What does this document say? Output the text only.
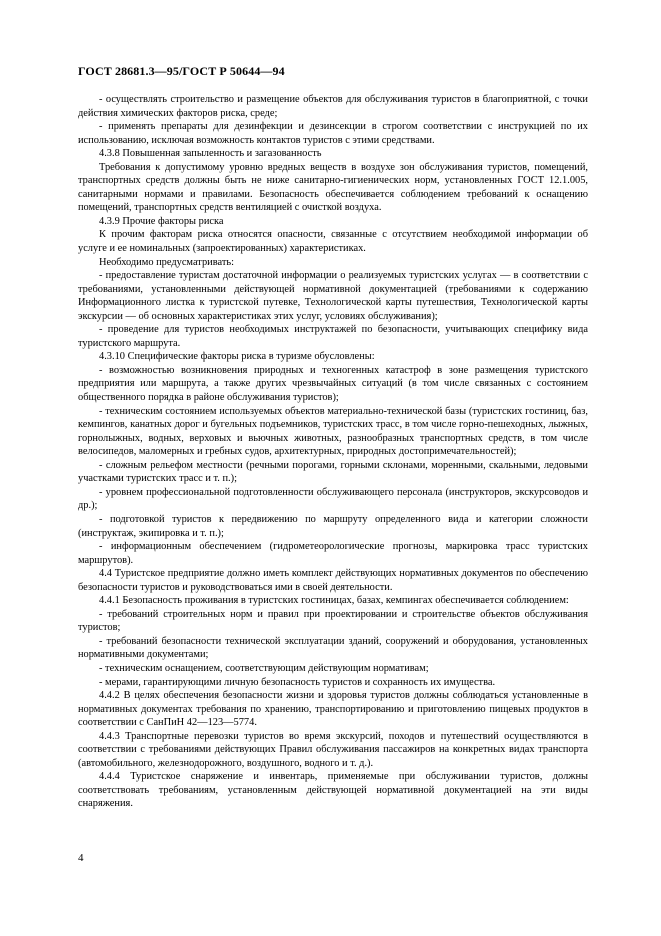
ГОСТ 28681.3—95/ГОСТ Р 50644—94

- осуществлять строительство и размещение объектов для обслуживания туристов в благоприятной, с точки действия химических факторов риска, среде;

- применять препараты для дезинфекции и дезинсекции в строгом соответствии с инструкцией по их использованию, исключая возможность контактов туристов с этими средствами.

4.3.8 Повышенная запыленность и загазованность

Требования к допустимому уровню вредных веществ в воздухе зон обслуживания туристов, помещений, транспортных средств должны быть не ниже санитарно-гигиенических норм, установленных ГОСТ 12.1.005, санитарными нормами и правилами. Безопасность обеспечивается соблюдением требований к оснащению помещений, транспортных средств вентиляцией с очисткой воздуха.

4.3.9 Прочие факторы риска

К прочим факторам риска относятся опасности, связанные с отсутствием необходимой информации об услуге и ее номинальных (запроектированных) характеристиках.

Необходимо предусматривать:

- предоставление туристам достаточной информации о реализуемых туристских услугах — в соответствии с требованиями, установленными действующей нормативной документацией (требованиями к содержанию Информационного листка к туристской путевке, Технологической карты путешествия, Технологической карты экскурсии — об основных характеристиках этих услуг, условиях обслуживания);

- проведение для туристов необходимых инструктажей по безопасности, учитывающих специфику вида туристского маршрута.

4.3.10 Специфические факторы риска в туризме обусловлены:

- возможностью возникновения природных и техногенных катастроф в зоне размещения туристского предприятия или маршрута, а также других чрезвычайных ситуаций (в том числе связанных с состоянием общественного порядка в районе обслуживания туристов);

- техническим состоянием используемых объектов материально-технической базы (туристских гостиниц, баз, кемпингов, канатных дорог и бугельных подъемников, туристских трасс, в том числе горно-пешеходных, лыжных, горнолыжных, водных, верховых и вьючных животных, разнообразных транспортных средств, в том числе велосипедов, маломерных и гребных судов, архитектурных, природных достопримечательностей);

- сложным рельефом местности (речными порогами, горными склонами, моренными, скальными, ледовыми участками туристских трасс и т. п.);

- уровнем профессиональной подготовленности обслуживающего персонала (инструкторов, экскурсоводов и др.);

- подготовкой туристов к передвижению по маршруту определенного вида и категории сложности (инструктаж, экипировка и т. п.);

- информационным обеспечением (гидрометеорологические прогнозы, маркировка трасс туристских маршрутов).

4.4 Туристское предприятие должно иметь комплект действующих нормативных документов по обеспечению безопасности туристов и руководствоваться ими в своей деятельности.

4.4.1 Безопасность проживания в туристских гостиницах, базах, кемпингах обеспечивается соблюдением:

- требований строительных норм и правил при проектировании и строительстве объектов обслуживания туристов;

- требований безопасности технической эксплуатации зданий, сооружений и оборудования, установленных нормативными документами;

- техническим оснащением, соответствующим действующим нормативам;

- мерами, гарантирующими личную безопасность туристов и сохранность их имущества.

4.4.2 В целях обеспечения безопасности жизни и здоровья туристов должны соблюдаться установленные в нормативных документах требования по хранению, транспортированию и приготовлению пищевых продуктов в соответствии с СанПиН 42—123—5774.

4.4.3 Транспортные перевозки туристов во время экскурсий, походов и путешествий осуществляются в соответствии с требованиями действующих Правил обслуживания пассажиров на конкретных видах транспорта (автомобильного, железнодорожного, воздушного, водного и т. д.).

4.4.4 Туристское снаряжение и инвентарь, применяемые при обслуживании туристов, должны соответствовать требованиям, установленным действующей нормативной документацией на эти виды снаряжения.

4
